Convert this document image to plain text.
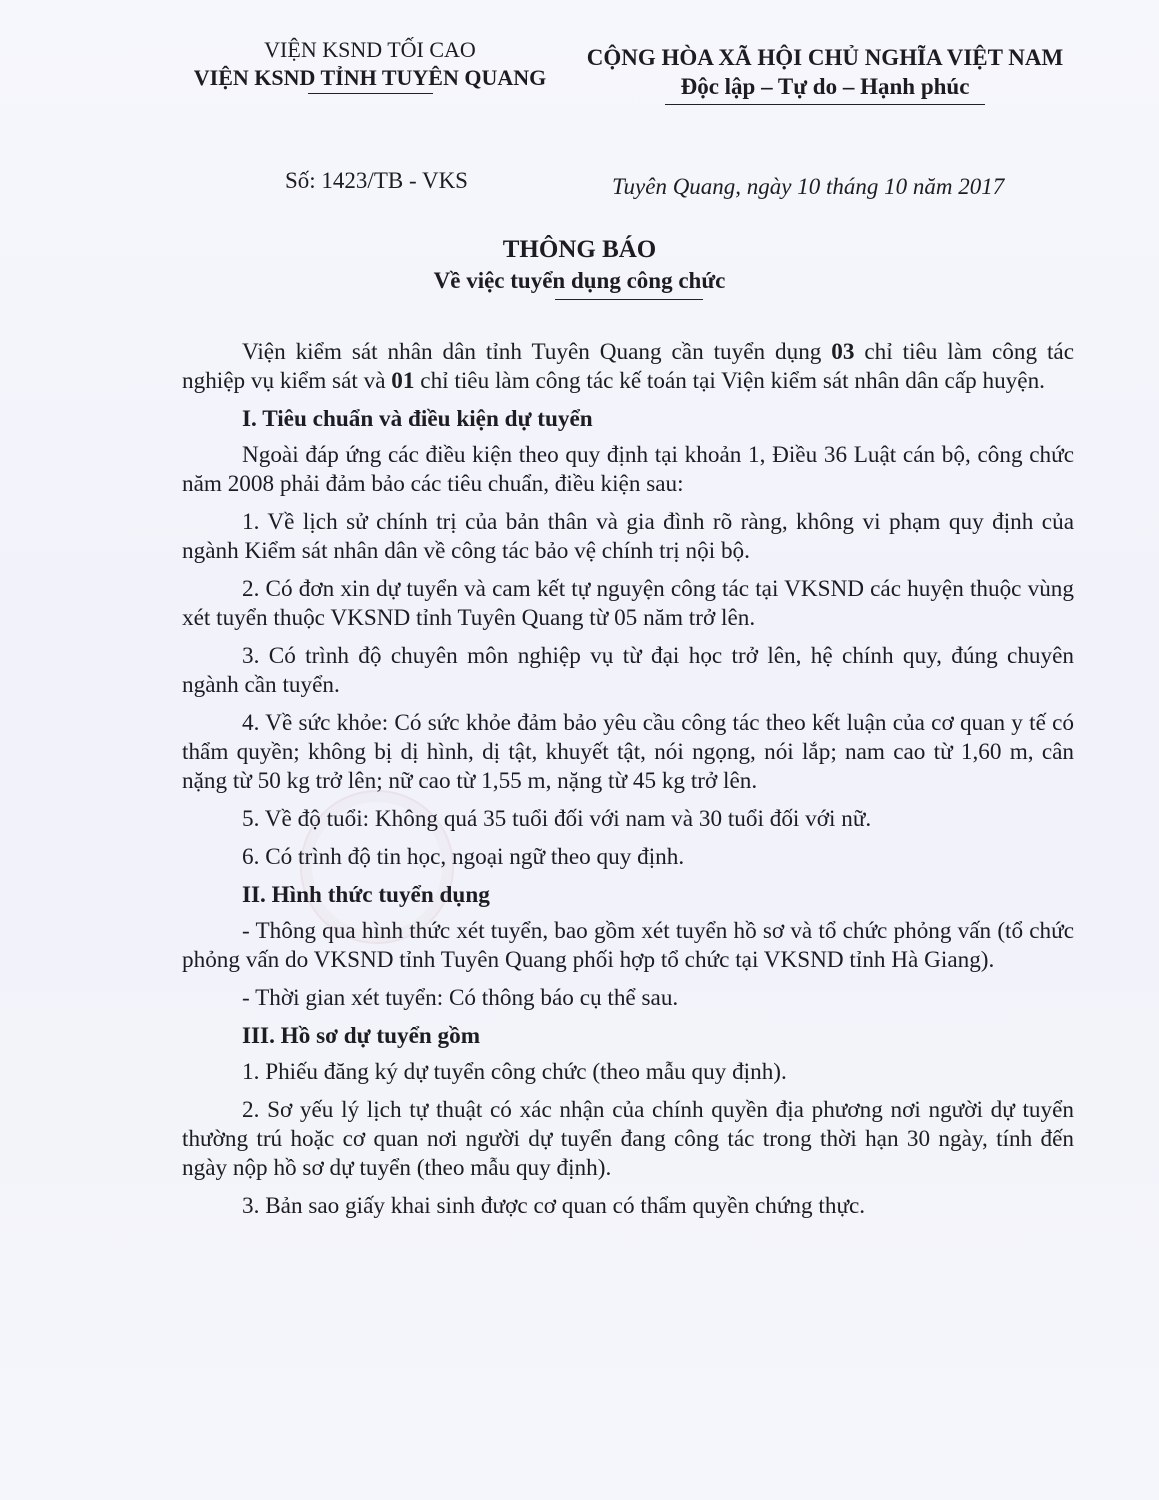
VIỆN KSND TỐI CAO
VIỆN KSND TỈNH TUYÊN QUANG
CỘNG HÒA XÃ HỘI CHỦ NGHĨA VIỆT NAM
Độc lập – Tự do – Hạnh phúc
Số: 1423/TB - VKS	Tuyên Quang, ngày 10 tháng 10 năm 2017
THÔNG BÁO
Về việc tuyển dụng công chức

Viện kiểm sát nhân dân tỉnh Tuyên Quang cần tuyển dụng 03 chỉ tiêu làm công tác nghiệp vụ kiểm sát và 01 chỉ tiêu làm công tác kế toán tại Viện kiểm sát nhân dân cấp huyện.

I. Tiêu chuẩn và điều kiện dự tuyển

Ngoài đáp ứng các điều kiện theo quy định tại khoản 1, Điều 36 Luật cán bộ, công chức năm 2008 phải đảm bảo các tiêu chuẩn, điều kiện sau:

1. Về lịch sử chính trị của bản thân và gia đình rõ ràng, không vi phạm quy định của ngành Kiểm sát nhân dân về công tác bảo vệ chính trị nội bộ.

2. Có đơn xin dự tuyển và cam kết tự nguyện công tác tại VKSND các huyện thuộc vùng xét tuyển thuộc VKSND tỉnh Tuyên Quang từ 05 năm trở lên.

3. Có trình độ chuyên môn nghiệp vụ từ đại học trở lên, hệ chính quy, đúng chuyên ngành cần tuyển.

4. Về sức khỏe: Có sức khỏe đảm bảo yêu cầu công tác theo kết luận của cơ quan y tế có thẩm quyền; không bị dị hình, dị tật, khuyết tật, nói ngọng, nói lắp; nam cao từ 1,60 m, cân nặng từ 50 kg trở lên; nữ cao từ 1,55 m, nặng từ 45 kg trở lên.

5. Về độ tuổi: Không quá 35 tuổi đối với nam và 30 tuổi đối với nữ.

6. Có trình độ tin học, ngoại ngữ theo quy định.

II. Hình thức tuyển dụng

- Thông qua hình thức xét tuyển, bao gồm xét tuyển hồ sơ và tổ chức phỏng vấn (tổ chức phỏng vấn do VKSND tỉnh Tuyên Quang phối hợp tổ chức tại VKSND tỉnh Hà Giang).

- Thời gian xét tuyển: Có thông báo cụ thể sau.

III. Hồ sơ dự tuyển gồm

1. Phiếu đăng ký dự tuyển công chức (theo mẫu quy định).

2. Sơ yếu lý lịch tự thuật có xác nhận của chính quyền địa phương nơi người dự tuyển thường trú hoặc cơ quan nơi người dự tuyển đang công tác trong thời hạn 30 ngày, tính đến ngày nộp hồ sơ dự tuyển (theo mẫu quy định).

3. Bản sao giấy khai sinh được cơ quan có thẩm quyền chứng thực.
